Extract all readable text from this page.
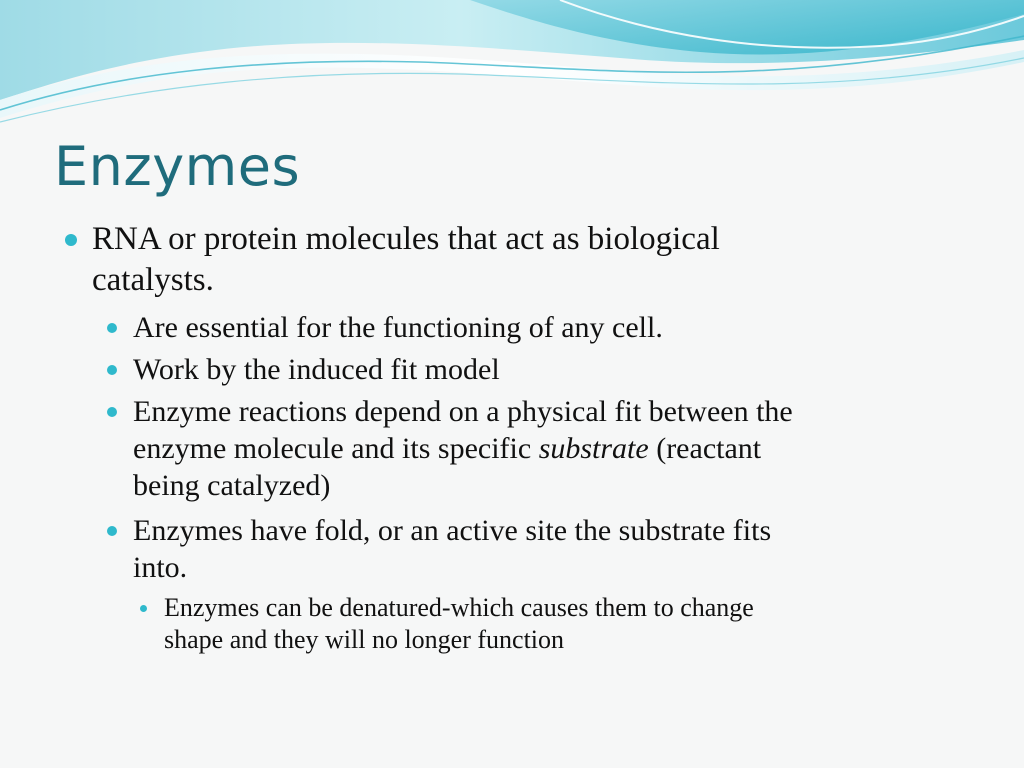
Enzymes
RNA or protein molecules that act as biological
catalysts.
Are essential for the functioning of any cell.
Work by the induced fit model
Enzyme reactions depend on a physical fit between the
enzyme molecule and its specific substrate (reactant
being catalyzed)
Enzymes have fold, or an active site the substrate fits
into.
Enzymes can be denatured-which causes them to change
shape and they will no longer function
